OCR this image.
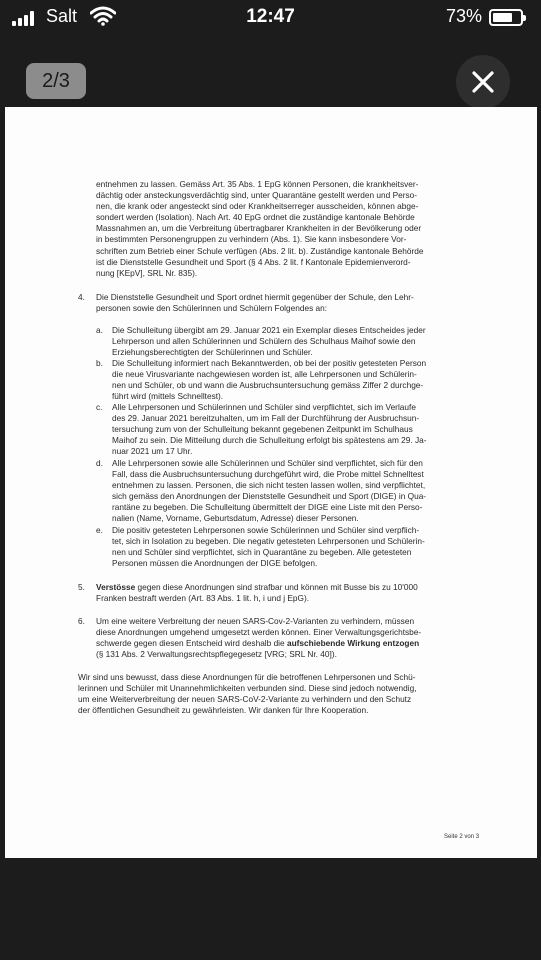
Salt	12:47	73%
2/3
entnehmen zu lassen. Gemäss Art. 35 Abs. 1 EpG können Personen, die krankheitsver-
dächtig oder ansteckungsverdächtig sind, unter Quarantäne gestellt werden und Perso-
nen, die krank oder angesteckt sind oder Krankheitserreger ausscheiden, können abge-
sondert werden (Isolation). Nach Art. 40 EpG ordnet die zuständige kantonale Behörde
Massnahmen an, um die Verbreitung übertragbarer Krankheiten in der Bevölkerung oder
in bestimmten Personengruppen zu verhindern (Abs. 1). Sie kann insbesondere Vor-
schriften zum Betrieb einer Schule verfügen (Abs. 2 lit. b). Zuständige kantonale Behörde
ist die Dienststelle Gesundheit und Sport (§ 4 Abs. 2 lit. f Kantonale Epidemienverord-
nung [KEpV], SRL Nr. 835).
4. Die Dienststelle Gesundheit und Sport ordnet hiermit gegenüber der Schule, den Lehr-
personen sowie den Schülerinnen und Schülern Folgendes an:
a. Die Schulleitung übergibt am 29. Januar 2021 ein Exemplar dieses Entscheides jeder
Lehrperson und allen Schülerinnen und Schülern des Schulhaus Maihof sowie den
Erziehungsberechtigten der Schülerinnen und Schüler.
b. Die Schulleitung informiert nach Bekanntwerden, ob bei der positiv getesteten Person
die neue Virusvariante nachgewiesen worden ist, alle Lehrpersonen und Schülerin-
nen und Schüler, ob und wann die Ausbruchsuntersuchung gemäss Ziffer 2 durchge-
führt wird (mittels Schnelltest).
c. Alle Lehrpersonen und Schülerinnen und Schüler sind verpflichtet, sich im Verlaufe
des 29. Januar 2021 bereitzuhalten, um im Fall der Durchführung der Ausbruchsun-
tersuchung zum von der Schulleitung bekannt gegebenen Zeitpunkt im Schulhaus
Maihof zu sein. Die Mitteilung durch die Schulleitung erfolgt bis spätestens am 29. Ja-
nuar 2021 um 17 Uhr.
d. Alle Lehrpersonen sowie alle Schülerinnen und Schüler sind verpflichtet, sich für den
Fall, dass die Ausbruchsuntersuchung durchgeführt wird, die Probe mittel Schnelltest
entnehmen zu lassen. Personen, die sich nicht testen lassen wollen, sind verpflichtet,
sich gemäss den Anordnungen der Dienststelle Gesundheit und Sport (DIGE) in Qua-
rantäne zu begeben. Die Schulleitung übermittelt der DIGE eine Liste mit den Perso-
nalien (Name, Vorname, Geburtsdatum, Adresse) dieser Personen.
e. Die positiv getesteten Lehrpersonen sowie Schülerinnen und Schüler sind verpflich-
tet, sich in Isolation zu begeben. Die negativ getesteten Lehrpersonen und Schülerin-
nen und Schüler sind verpflichtet, sich in Quarantäne zu begeben. Alle getesteten
Personen müssen die Anordnungen der DIGE befolgen.
5. Verstösse gegen diese Anordnungen sind strafbar und können mit Busse bis zu 10'000
Franken bestraft werden (Art. 83 Abs. 1 lit. h, i und j EpG).
6. Um eine weitere Verbreitung der neuen SARS-Cov-2-Varianten zu verhindern, müssen
diese Anordnungen umgehend umgesetzt werden können. Einer Verwaltungsgerichtsbe-
schwerde gegen diesen Entscheid wird deshalb die aufschiebende Wirkung entzogen
(§ 131 Abs. 2 Verwaltungsrechtspflegegesetz [VRG; SRL Nr. 40]).
Wir sind uns bewusst, dass diese Anordnungen für die betroffenen Lehrpersonen und Schü-
lerinnen und Schüler mit Unannehmlichkeiten verbunden sind. Diese sind jedoch notwendig,
um eine Weiterverbreitung der neuen SARS-CoV-2-Variante zu verhindern und den Schutz
der öffentlichen Gesundheit zu gewährleisten. Wir danken für Ihre Kooperation.
Seite 2 von 3
